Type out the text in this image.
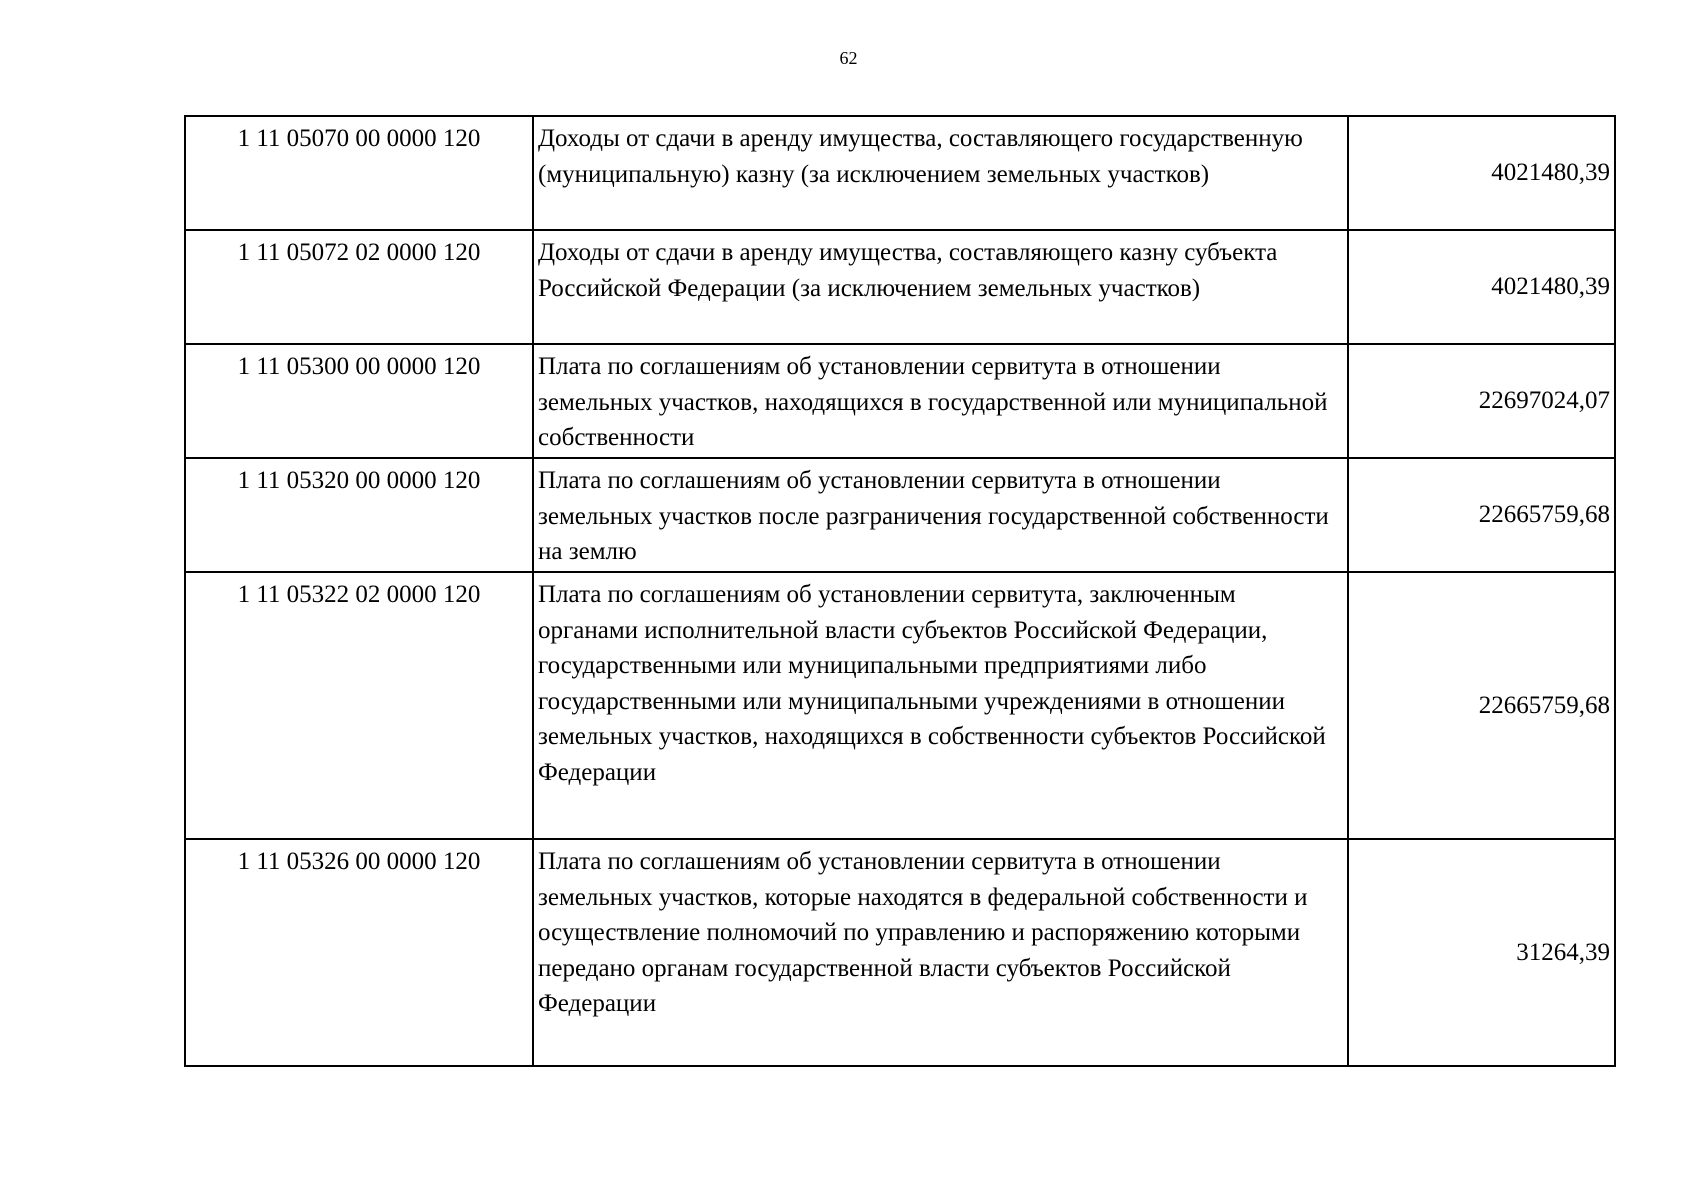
62
1 11 05070 00 0000 120	Доходы от сдачи в аренду имущества, составляющего государственную (муниципальную) казну (за исключением земельных участков)	4021480,39
1 11 05072 02 0000 120	Доходы от сдачи в аренду имущества, составляющего казну субъекта Российской Федерации (за исключением земельных участков)	4021480,39
1 11 05300 00 0000 120	Плата по соглашениям об установлении сервитута в отношении земельных участков, находящихся в государственной или муниципальной собственности	22697024,07
1 11 05320 00 0000 120	Плата по соглашениям об установлении сервитута в отношении земельных участков после разграничения государственной собственности на землю	22665759,68
1 11 05322 02 0000 120	Плата по соглашениям об установлении сервитута, заключенным органами исполнительной власти субъектов Российской Федерации, государственными или муниципальными предприятиями либо государственными или муниципальными учреждениями в отношении земельных участков, находящихся в собственности субъектов Российской Федерации	22665759,68
1 11 05326 00 0000 120	Плата по соглашениям об установлении сервитута в отношении земельных участков, которые находятся в федеральной собственности и осуществление полномочий по управлению и распоряжению которыми передано органам государственной власти субъектов Российской Федерации	31264,39
